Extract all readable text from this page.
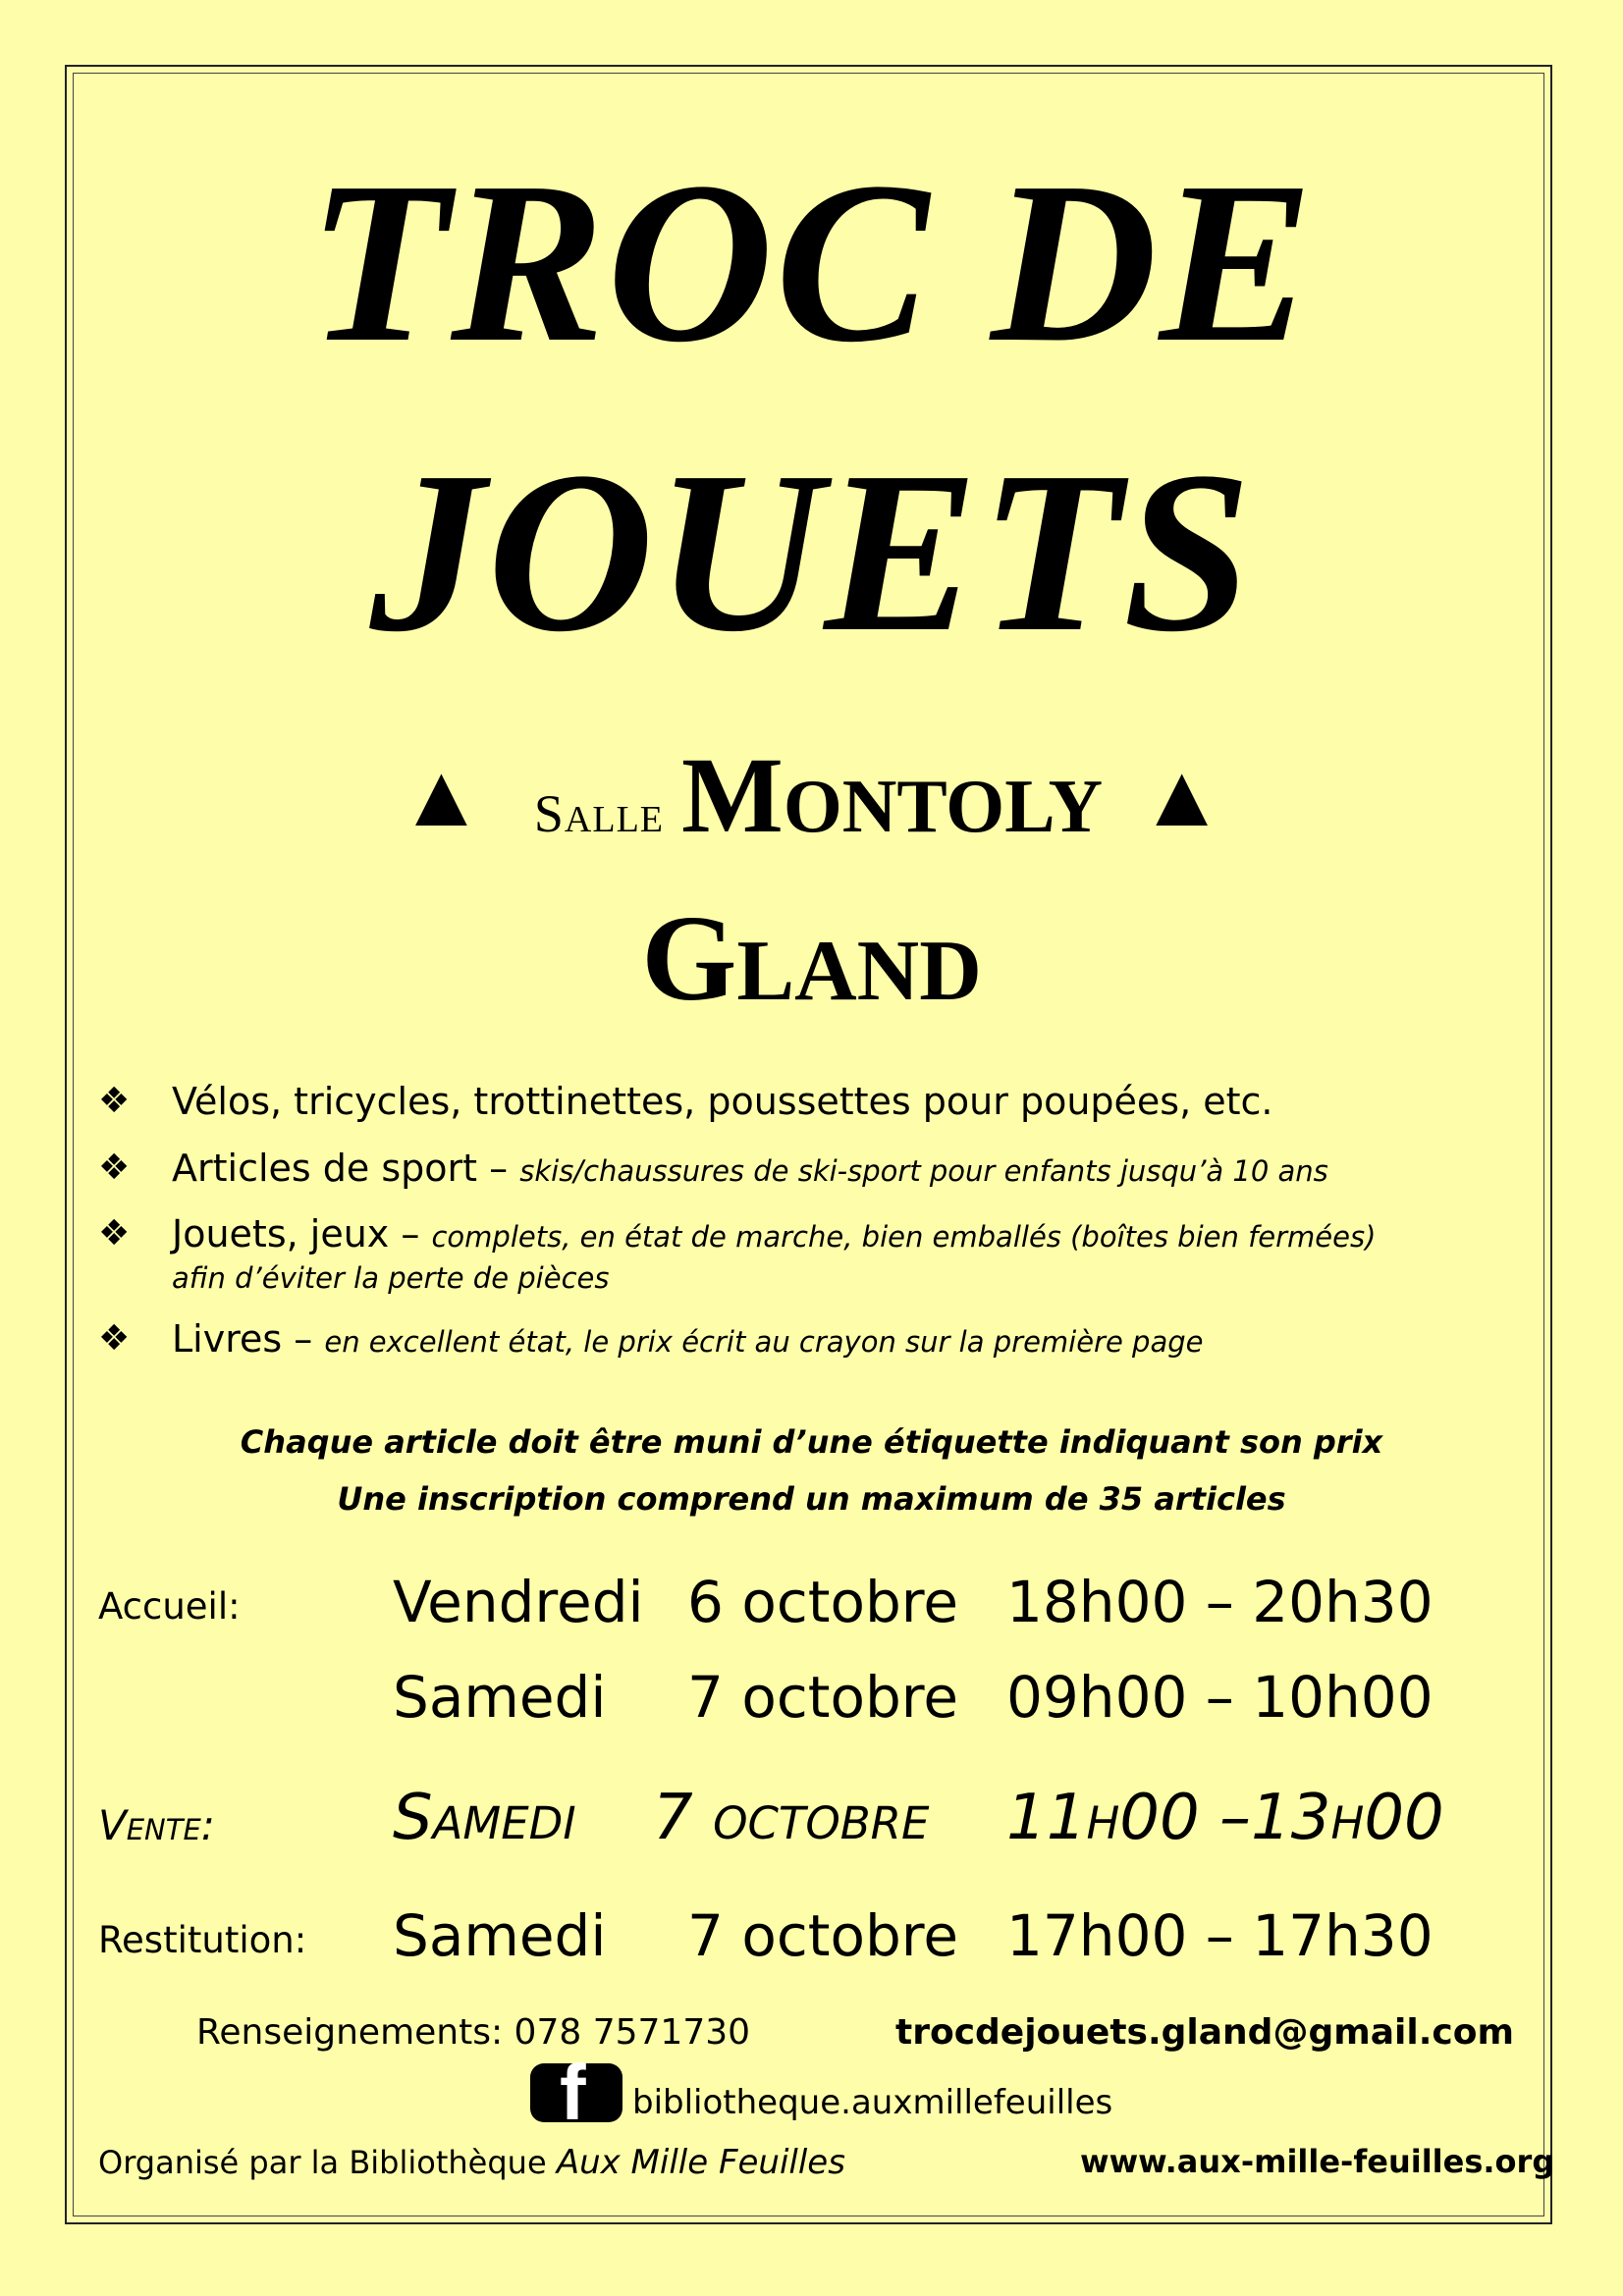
TROC DE
JOUETS
▲ Salle Montoly ▲
Gland
❖ Vélos, tricycles, trottinettes, poussettes pour poupées, etc.
❖ Articles de sport – skis/chaussures de ski-sport pour enfants jusqu’à 10 ans
❖ Jouets, jeux – complets, en état de marche, bien emballés (boîtes bien fermées)
afin d’éviter la perte de pièces
❖ Livres – en excellent état, le prix écrit au crayon sur la première page
Chaque article doit être muni d’une étiquette indiquant son prix
Une inscription comprend un maximum de 35 articles
Accueil:	Vendredi 6 octobre 18h00 – 20h30
Samedi 7 octobre 09h00 – 10h00
Vente:	Samedi 7 octobre 11h00 –13h00
Restitution: Samedi 7 octobre 17h00 – 17h30
Renseignements: 078 7571730	trocdejouets.gland@gmail.com
f bibliotheque.auxmillefeuilles
Organisé par la Bibliothèque Aux Mille Feuilles	www.aux-mille-feuilles.org
